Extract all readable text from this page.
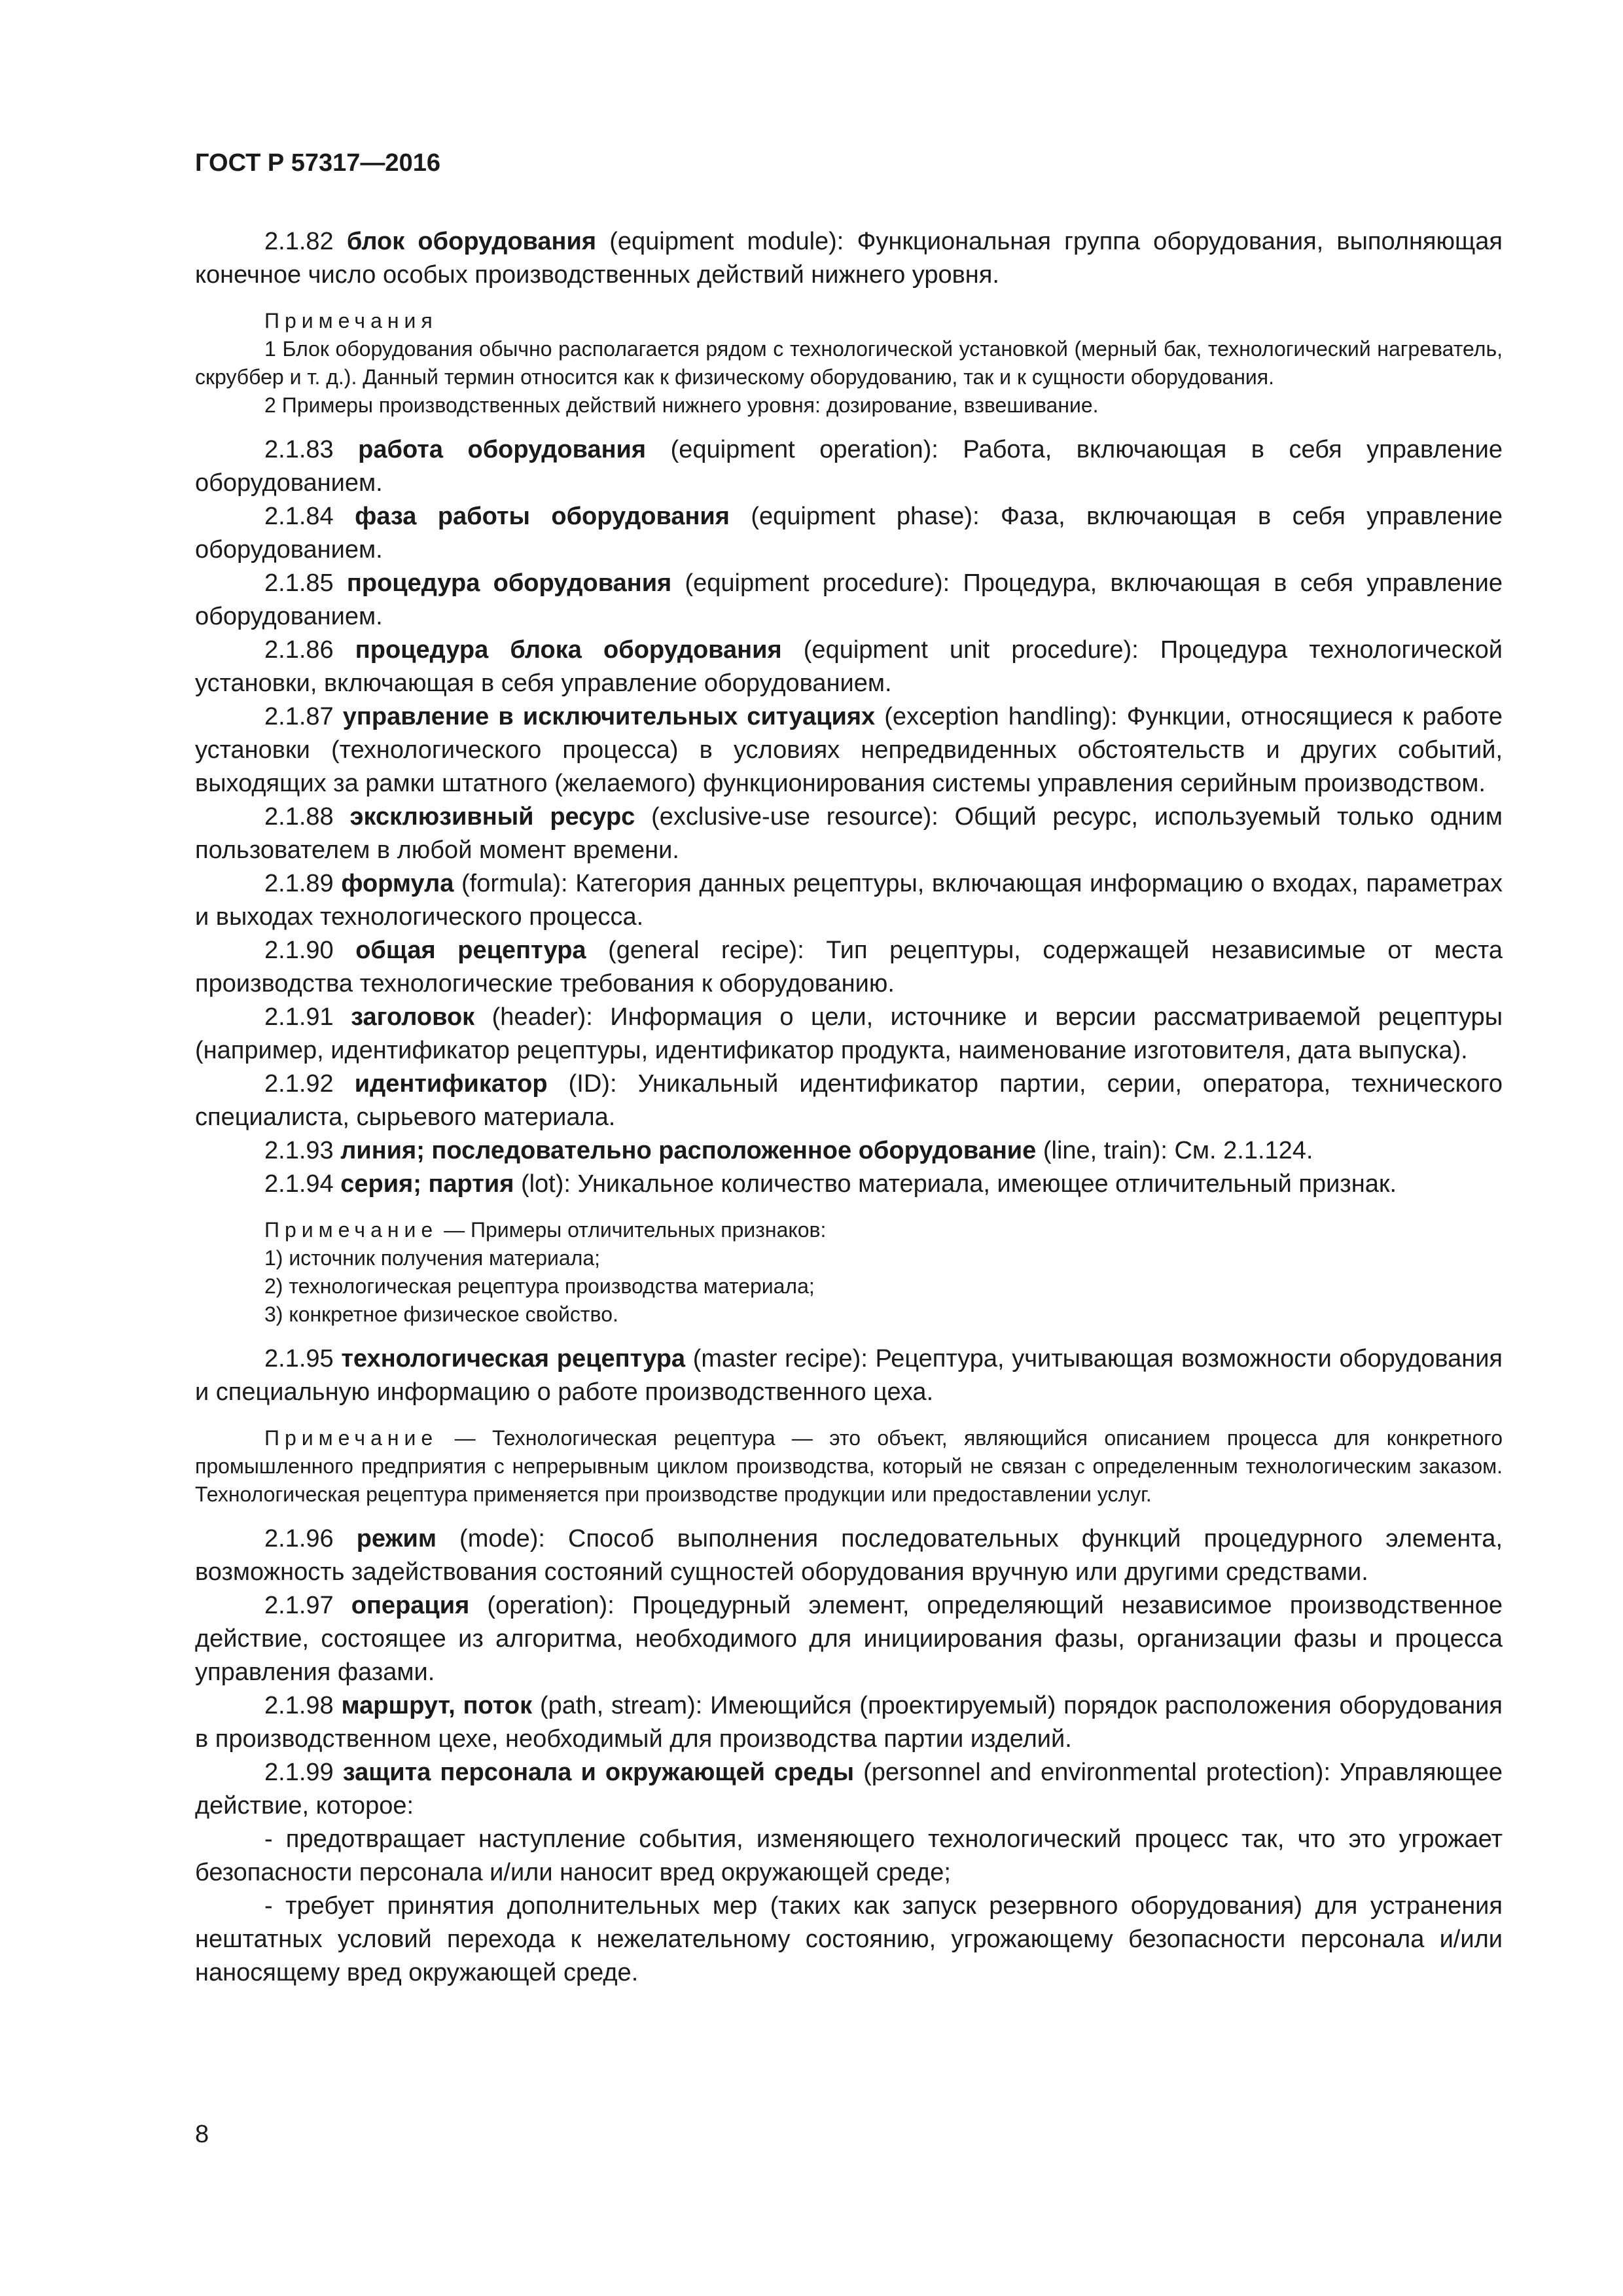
ГОСТ Р 57317—2016

2.1.82 блок оборудования (equipment module): Функциональная группа оборудования, выполняющая конечное число особых производственных действий нижнего уровня.

Примечания

1 Блок оборудования обычно располагается рядом с технологической установкой (мерный бак, технологический нагреватель, скруббер и т. д.). Данный термин относится как к физическому оборудованию, так и к сущности оборудования.

2 Примеры производственных действий нижнего уровня: дозирование, взвешивание.

2.1.83 работа оборудования (equipment operation): Работа, включающая в себя управление оборудованием.

2.1.84 фаза работы оборудования (equipment phase): Фаза, включающая в себя управление оборудованием.

2.1.85 процедура оборудования (equipment procedure): Процедура, включающая в себя управление оборудованием.

2.1.86 процедура блока оборудования (equipment unit procedure): Процедура технологической установки, включающая в себя управление оборудованием.

2.1.87 управление в исключительных ситуациях (exception handling): Функции, относящиеся к работе установки (технологического процесса) в условиях непредвиденных обстоятельств и других событий, выходящих за рамки штатного (желаемого) функционирования системы управления серийным производством.

2.1.88 эксклюзивный ресурс (exclusive-use resource): Общий ресурс, используемый только одним пользователем в любой момент времени.

2.1.89 формула (formula): Категория данных рецептуры, включающая информацию о входах, параметрах и выходах технологического процесса.

2.1.90 общая рецептура (general recipe): Тип рецептуры, содержащей независимые от места производства технологические требования к оборудованию.

2.1.91 заголовок (header): Информация о цели, источнике и версии рассматриваемой рецептуры (например, идентификатор рецептуры, идентификатор продукта, наименование изготовителя, дата выпуска).

2.1.92 идентификатор (ID): Уникальный идентификатор партии, серии, оператора, технического специалиста, сырьевого материала.

2.1.93 линия; последовательно расположенное оборудование (line, train): См. 2.1.124.

2.1.94 серия; партия (lot): Уникальное количество материала, имеющее отличительный признак.

Примечание — Примеры отличительных признаков:

1) источник получения материала;

2) технологическая рецептура производства материала;

3) конкретное физическое свойство.

2.1.95 технологическая рецептура (master recipe): Рецептура, учитывающая возможности оборудования и специальную информацию о работе производственного цеха.

Примечание — Технологическая рецептура — это объект, являющийся описанием процесса для конкретного промышленного предприятия с непрерывным циклом производства, который не связан с определенным технологическим заказом. Технологическая рецептура применяется при производстве продукции или предоставлении услуг.

2.1.96 режим (mode): Способ выполнения последовательных функций процедурного элемента, возможность задействования состояний сущностей оборудования вручную или другими средствами.

2.1.97 операция (operation): Процедурный элемент, определяющий независимое производственное действие, состоящее из алгоритма, необходимого для инициирования фазы, организации фазы и процесса управления фазами.

2.1.98 маршрут, поток (path, stream): Имеющийся (проектируемый) порядок расположения оборудования в производственном цехе, необходимый для производства партии изделий.

2.1.99 защита персонала и окружающей среды (personnel and environmental protection): Управляющее действие, которое:

- предотвращает наступление события, изменяющего технологический процесс так, что это угрожает безопасности персонала и/или наносит вред окружающей среде;

- требует принятия дополнительных мер (таких как запуск резервного оборудования) для устранения нештатных условий перехода к нежелательному состоянию, угрожающему безопасности персонала и/или наносящему вред окружающей среде.

8
